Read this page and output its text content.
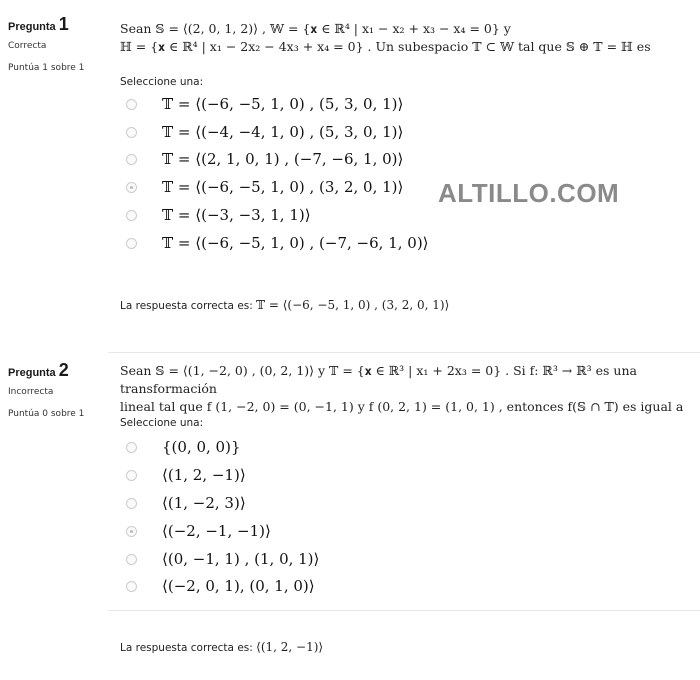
Pregunta 1
Correcta
Puntúa 1 sobre 1
Sean 𝕊 = ⟨(2, 0, 1, 2)⟩ , 𝕎 = {𝐱 ∈ ℝ⁴ | x₁ − x₂ + x₃ − x₄ = 0} y
ℍ = {𝐱 ∈ ℝ⁴ | x₁ − 2x₂ − 4x₃ + x₄ = 0} . Un subespacio 𝕋 ⊂ 𝕎 tal que 𝕊 ⊕ 𝕋 = ℍ es
Seleccione una:
𝕋 = ⟨(−6, −5, 1, 0) , (5, 3, 0, 1)⟩
𝕋 = ⟨(−4, −4, 1, 0) , (5, 3, 0, 1)⟩
𝕋 = ⟨(2, 1, 0, 1) , (−7, −6, 1, 0)⟩
𝕋 = ⟨(−6, −5, 1, 0) , (3, 2, 0, 1)⟩
𝕋 = ⟨(−3, −3, 1, 1)⟩
𝕋 = ⟨(−6, −5, 1, 0) , (−7, −6, 1, 0)⟩
La respuesta correcta es: 𝕋 = ⟨(−6, −5, 1, 0) , (3, 2, 0, 1)⟩
ALTILLO.COM
Pregunta 2
Incorrecta
Puntúa 0 sobre 1
Sean 𝕊 = ⟨(1, −2, 0) , (0, 2, 1)⟩ y 𝕋 = {𝐱 ∈ ℝ³ | x₁ + 2x₃ = 0} . Si f: ℝ³ → ℝ³ es una transformación
lineal tal que f (1, −2, 0) = (0, −1, 1) y f (0, 2, 1) = (1, 0, 1) , entonces f(𝕊 ∩ 𝕋) es igual a
Seleccione una:
{(0, 0, 0)}
⟨(1, 2, −1)⟩
⟨(1, −2, 3)⟩
⟨(−2, −1, −1)⟩
⟨(0, −1, 1) , (1, 0, 1)⟩
⟨(−2, 0, 1), (0, 1, 0)⟩
La respuesta correcta es: ⟨(1, 2, −1)⟩
